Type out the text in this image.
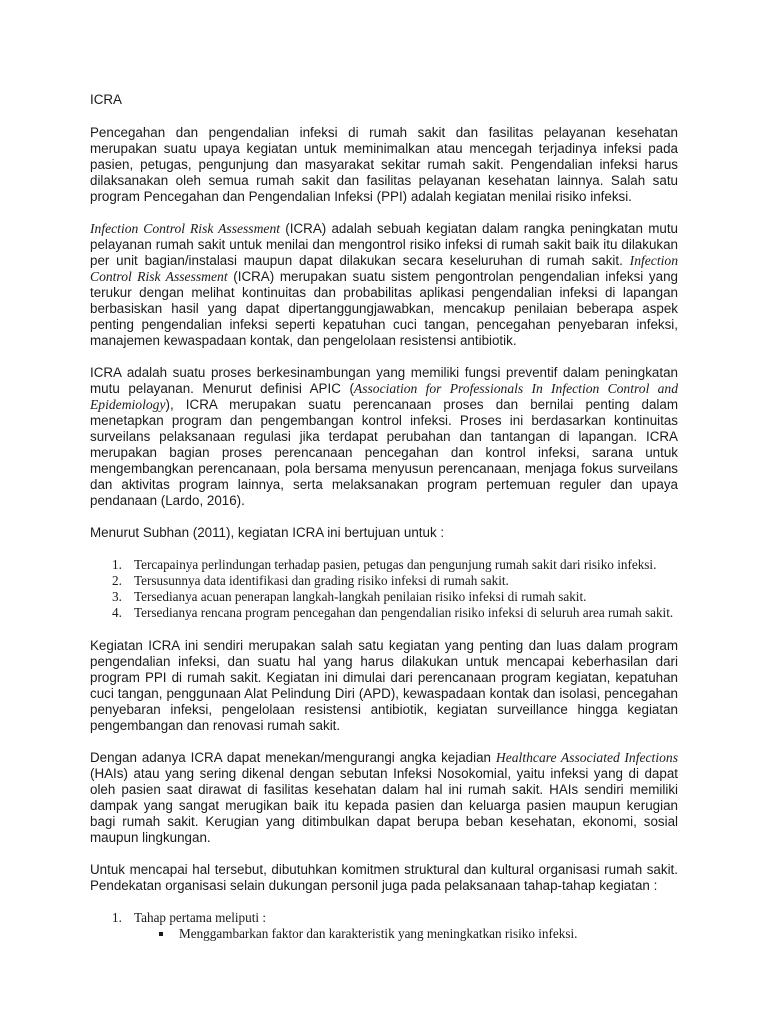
ICRA

Pencegahan dan pengendalian infeksi di rumah sakit dan fasilitas pelayanan kesehatan merupakan suatu upaya kegiatan untuk meminimalkan atau mencegah terjadinya infeksi pada pasien, petugas, pengunjung dan masyarakat sekitar rumah sakit. Pengendalian infeksi harus dilaksanakan oleh semua rumah sakit dan fasilitas pelayanan kesehatan lainnya. Salah satu program Pencegahan dan Pengendalian Infeksi (PPI) adalah kegiatan menilai risiko infeksi.

Infection Control Risk Assessment (ICRA) adalah sebuah kegiatan dalam rangka peningkatan mutu pelayanan rumah sakit untuk menilai dan mengontrol risiko infeksi di rumah sakit baik itu dilakukan per unit bagian/instalasi maupun dapat dilakukan secara keseluruhan di rumah sakit. Infection Control Risk Assessment (ICRA) merupakan suatu sistem pengontrolan pengendalian infeksi yang terukur dengan melihat kontinuitas dan probabilitas aplikasi pengendalian infeksi di lapangan berbasiskan hasil yang dapat dipertanggungjawabkan, mencakup penilaian beberapa aspek penting pengendalian infeksi seperti kepatuhan cuci tangan, pencegahan penyebaran infeksi, manajemen kewaspadaan kontak, dan pengelolaan resistensi antibiotik.

ICRA adalah suatu proses berkesinambungan yang memiliki fungsi preventif dalam peningkatan mutu pelayanan. Menurut definisi APIC (Association for Professionals In Infection Control and Epidemiology), ICRA merupakan suatu perencanaan proses dan bernilai penting dalam menetapkan program dan pengembangan kontrol infeksi. Proses ini berdasarkan kontinuitas surveilans pelaksanaan regulasi jika terdapat perubahan dan tantangan di lapangan. ICRA merupakan bagian proses perencanaan pencegahan dan kontrol infeksi, sarana untuk mengembangkan perencanaan, pola bersama menyusun perencanaan, menjaga fokus surveilans dan aktivitas program lainnya, serta melaksanakan program pertemuan reguler dan upaya pendanaan (Lardo, 2016).

Menurut Subhan (2011), kegiatan ICRA ini bertujuan untuk :

1. Tercapainya perlindungan terhadap pasien, petugas dan pengunjung rumah sakit dari risiko infeksi.
2. Tersusunnya data identifikasi dan grading risiko infeksi di rumah sakit.
3. Tersedianya acuan penerapan langkah-langkah penilaian risiko infeksi di rumah sakit.
4. Tersedianya rencana program pencegahan dan pengendalian risiko infeksi di seluruh area rumah sakit.

Kegiatan ICRA ini sendiri merupakan salah satu kegiatan yang penting dan luas dalam program pengendalian infeksi, dan suatu hal yang harus dilakukan untuk mencapai keberhasilan dari program PPI di rumah sakit. Kegiatan ini dimulai dari perencanaan program kegiatan, kepatuhan cuci tangan, penggunaan Alat Pelindung Diri (APD), kewaspadaan kontak dan isolasi, pencegahan penyebaran infeksi, pengelolaan resistensi antibiotik, kegiatan surveillance hingga kegiatan pengembangan dan renovasi rumah sakit.

Dengan adanya ICRA dapat menekan/mengurangi angka kejadian Healthcare Associated Infections (HAIs) atau yang sering dikenal dengan sebutan Infeksi Nosokomial, yaitu infeksi yang di dapat oleh pasien saat dirawat di fasilitas kesehatan dalam hal ini rumah sakit. HAIs sendiri memiliki dampak yang sangat merugikan baik itu kepada pasien dan keluarga pasien maupun kerugian bagi rumah sakit. Kerugian yang ditimbulkan dapat berupa beban kesehatan, ekonomi, sosial maupun lingkungan.

Untuk mencapai hal tersebut, dibutuhkan komitmen struktural dan kultural organisasi rumah sakit. Pendekatan organisasi selain dukungan personil juga pada pelaksanaan tahap-tahap kegiatan :

1. Tahap pertama meliputi :
Menggambarkan faktor dan karakteristik yang meningkatkan risiko infeksi.
